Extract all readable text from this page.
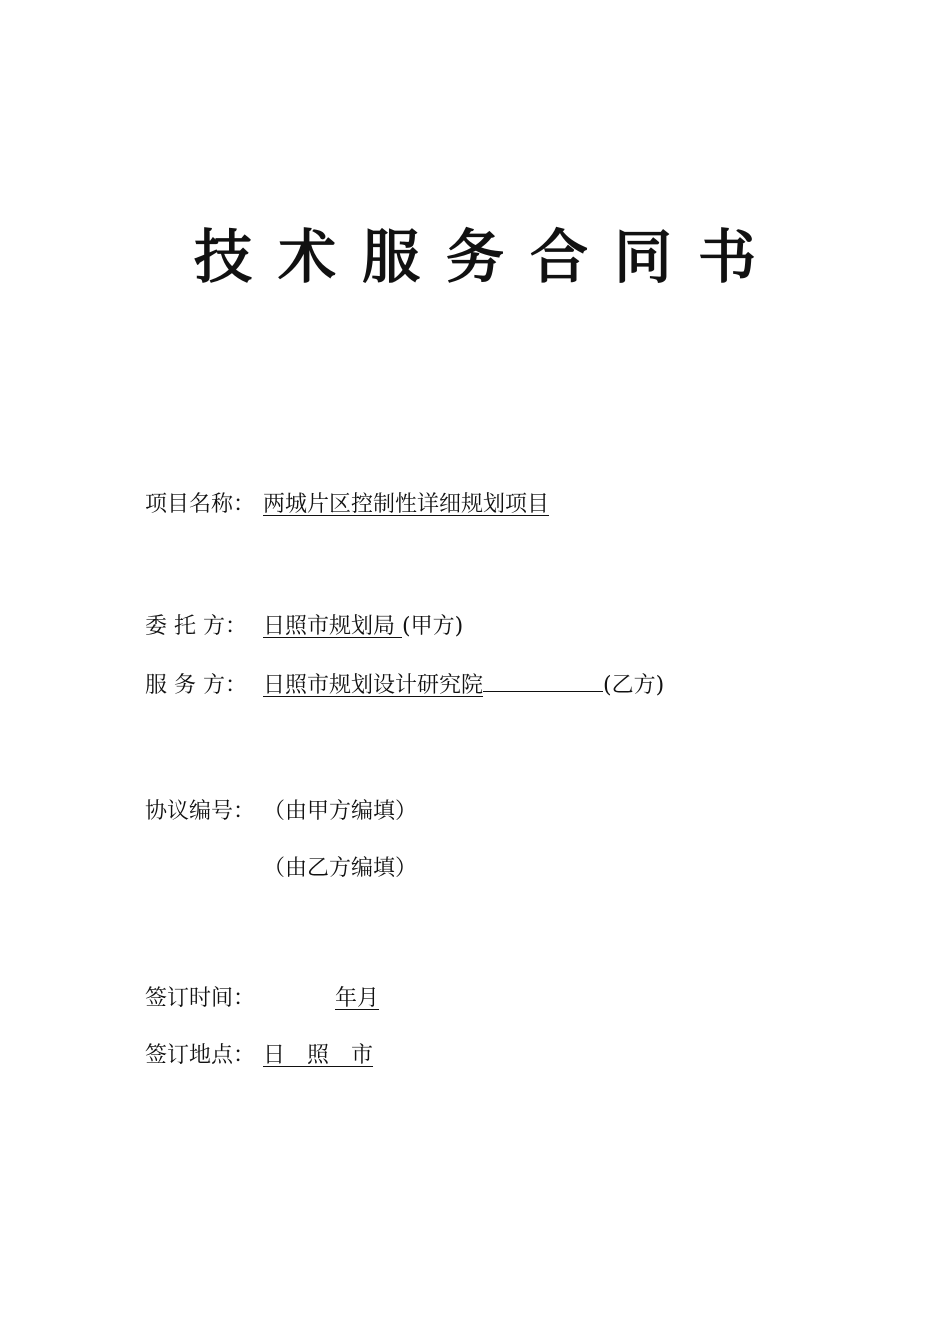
技术服务合同书
项目名称： 两城片区控制性详细规划项目
委 托 方： 日照市规划局 (甲方)
服 务 方： 日照市规划设计研究院	(乙方)
协议编号： （由甲方编填）
（由乙方编填）
签订时间：	年月
签订地点： 日　照　市
